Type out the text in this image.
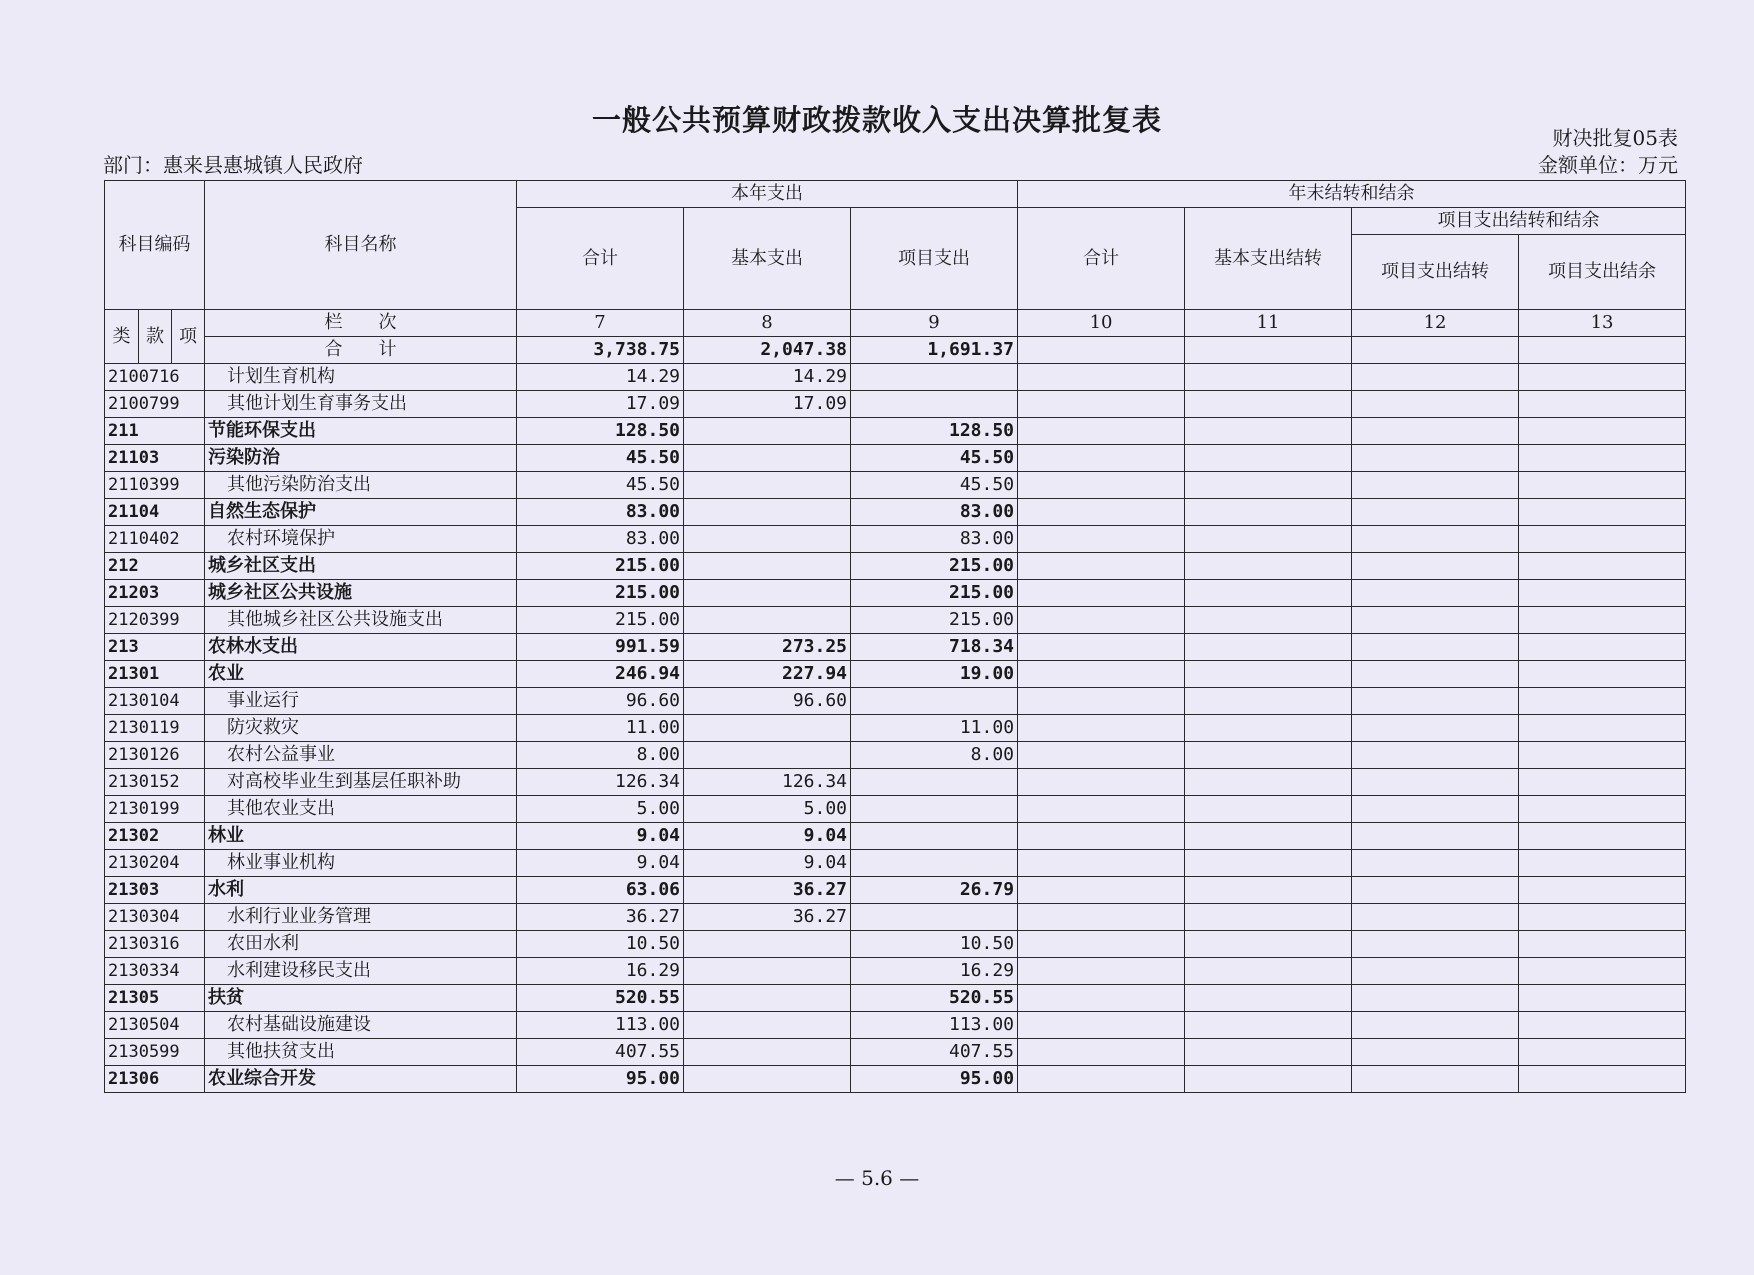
一般公共预算财政拨款收入支出决算批复表
财决批复05表
部门：惠来县惠城镇人民政府	金额单位：万元
科目编码			科目名称	本年支出			年末结转和结余			
				合计	基本支出	项目支出	合计	基本支出结转	项目支出结转和结余	
									项目支出结转	项目支出结余
类	款	项	栏　　次	7	8	9	10	11	12	13
			合　　计	3,738.75	2,047.38	1,691.37				
2100716			计划生育机构	14.29	14.29					
2100799			其他计划生育事务支出	17.09	17.09					
211			节能环保支出	128.50		128.50				
21103			污染防治	45.50		45.50				
2110399			其他污染防治支出	45.50		45.50				
21104			自然生态保护	83.00		83.00				
2110402			农村环境保护	83.00		83.00				
212			城乡社区支出	215.00		215.00				
21203			城乡社区公共设施	215.00		215.00				
2120399			其他城乡社区公共设施支出	215.00		215.00				
213			农林水支出	991.59	273.25	718.34				
21301			农业	246.94	227.94	19.00				
2130104			事业运行	96.60	96.60					
2130119			防灾救灾	11.00		11.00				
2130126			农村公益事业	8.00		8.00				
2130152			对高校毕业生到基层任职补助	126.34	126.34					
2130199			其他农业支出	5.00	5.00					
21302			林业	9.04	9.04					
2130204			林业事业机构	9.04	9.04					
21303			水利	63.06	36.27	26.79				
2130304			水利行业业务管理	36.27	36.27					
2130316			农田水利	10.50		10.50				
2130334			水利建设移民支出	16.29		16.29				
21305			扶贫	520.55		520.55				
2130504			农村基础设施建设	113.00		113.00				
2130599			其他扶贫支出	407.55		407.55				
21306			农业综合开发	95.00		95.00				
— 5.6 —
